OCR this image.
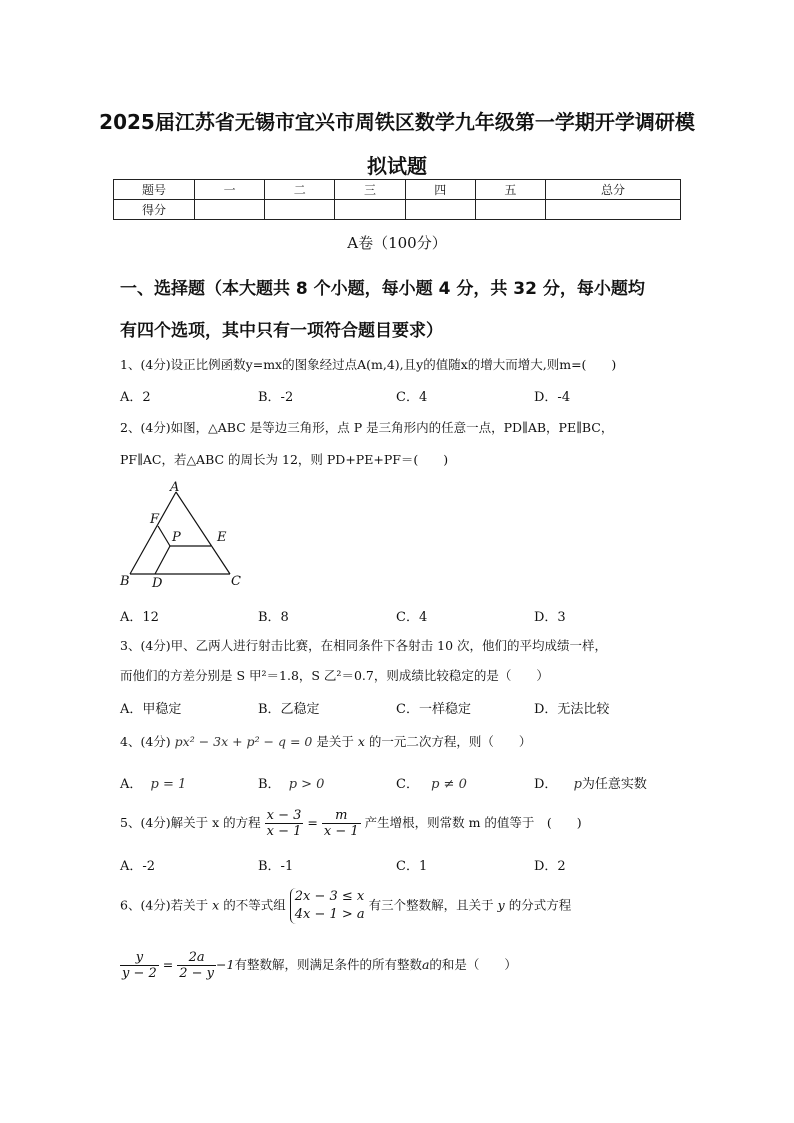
2025届江苏省无锡市宜兴市周铁区数学九年级第一学期开学调研模
拟试题
题号	一	二	三	四	五	总分
得分						
A卷（100分）
一、选择题（本大题共 8 个小题，每小题 4 分，共 32 分，每小题均
有四个选项，其中只有一项符合题目要求）
1、(4分)设正比例函数y=mx的图象经过点A(m,4),且y的值随x的增大而增大,则m=(　　)
A．2	B．-2	C．4	D．-4
2、(4分)如图，△ABC 是等边三角形，点 P 是三角形内的任意一点，PD∥AB，PE∥BC，
PF∥AC，若△ABC 的周长为 12，则 PD+PE+PF＝(　　)
A
B	C
D
E
F
P
A．12	B．8	C．4	D．3
3、(4分)甲、乙两人进行射击比赛，在相同条件下各射击 10 次，他们的平均成绩一样，
而他们的方差分别是 S 甲²＝1.8，S 乙²＝0.7，则成绩比较稳定的是（　　）
A．甲稳定	B．乙稳定	C．一样稳定	D．无法比较
4、(4分) px² − 3x + p² − q = 0 是关于 x 的一元二次方程，则（　　）
A． p = 1	B． p > 0	C． p ≠ 0	D． p为任意实数
5、(4分)解关于 x 的方程 $\frac{x - 3}{x - 1} = \frac{m}{x - 1}$ 产生增根，则常数 m 的值等于　(　　)
A．-2	B．-1	C．1	D．2
6、(4分)若关于 x 的不等式组
2x − 3 ≤ x
4x − 1 > a
有三个整数解，且关于 y 的分式方程
$\frac{y}{y - 2} = \frac{2a}{2 - y} -1$有整数解，则满足条件的所有整数a的和是（　　）
